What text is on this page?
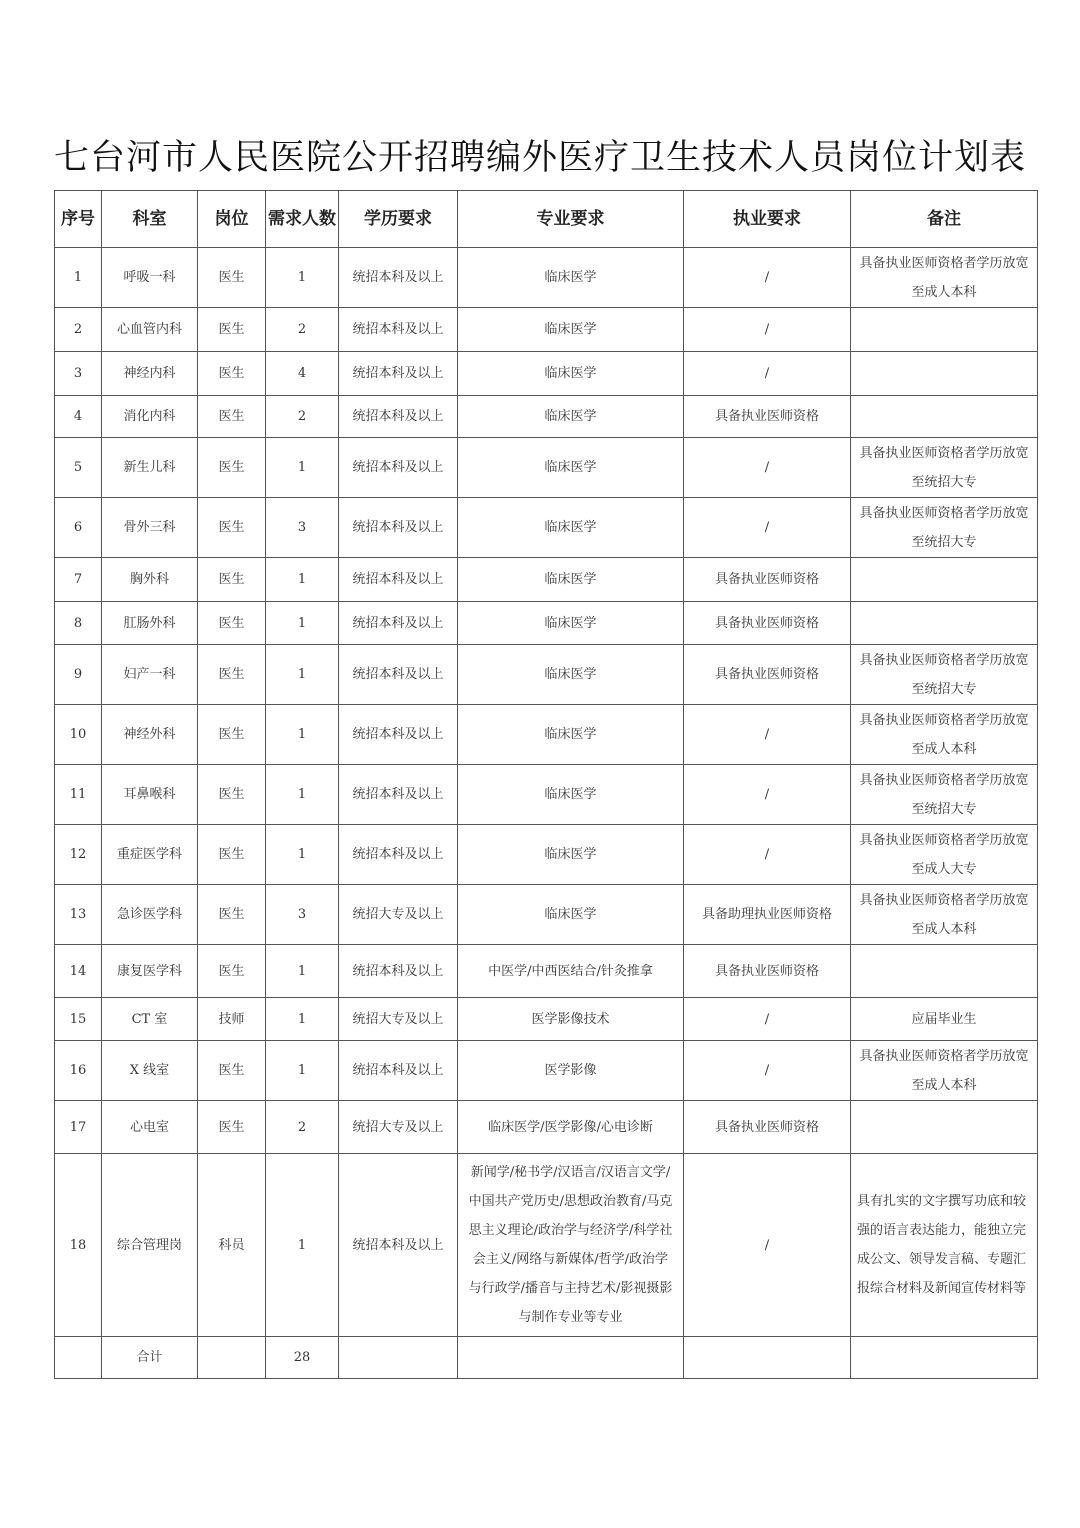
七台河市人民医院公开招聘编外医疗卫生技术人员岗位计划表
序号	科室	岗位	需求人数	学历要求	专业要求	执业要求	备注
1	呼吸一科	医生	1	统招本科及以上	临床医学	/	具备执业医师资格者学历放宽至成人本科
2	心血管内科	医生	2	统招本科及以上	临床医学	/	
3	神经内科	医生	4	统招本科及以上	临床医学	/	
4	消化内科	医生	2	统招本科及以上	临床医学	具备执业医师资格	
5	新生儿科	医生	1	统招本科及以上	临床医学	/	具备执业医师资格者学历放宽至统招大专
6	骨外三科	医生	3	统招本科及以上	临床医学	/	具备执业医师资格者学历放宽至统招大专
7	胸外科	医生	1	统招本科及以上	临床医学	具备执业医师资格	
8	肛肠外科	医生	1	统招本科及以上	临床医学	具备执业医师资格	
9	妇产一科	医生	1	统招本科及以上	临床医学	具备执业医师资格	具备执业医师资格者学历放宽至统招大专
10	神经外科	医生	1	统招本科及以上	临床医学	/	具备执业医师资格者学历放宽至成人本科
11	耳鼻喉科	医生	1	统招本科及以上	临床医学	/	具备执业医师资格者学历放宽至统招大专
12	重症医学科	医生	1	统招本科及以上	临床医学	/	具备执业医师资格者学历放宽至成人大专
13	急诊医学科	医生	3	统招大专及以上	临床医学	具备助理执业医师资格	具备执业医师资格者学历放宽至成人本科
14	康复医学科	医生	1	统招本科及以上	中医学/中西医结合/针灸推拿	具备执业医师资格	
15	CT 室	技师	1	统招大专及以上	医学影像技术	/	应届毕业生
16	X 线室	医生	1	统招本科及以上	医学影像	/	具备执业医师资格者学历放宽至成人本科
17	心电室	医生	2	统招大专及以上	临床医学/医学影像/心电诊断	具备执业医师资格	
18	综合管理岗	科员	1	统招本科及以上	新闻学/秘书学/汉语言/汉语言文学/中国共产党历史/思想政治教育/马克思主义理论/政治学与经济学/科学社会主义/网络与新媒体/哲学/政治学与行政学/播音与主持艺术/影视摄影与制作专业等专业	/	具有扎实的文字撰写功底和较强的语言表达能力，能独立完成公文、领导发言稿、专题汇报综合材料及新闻宣传材料等
	合计		28				
